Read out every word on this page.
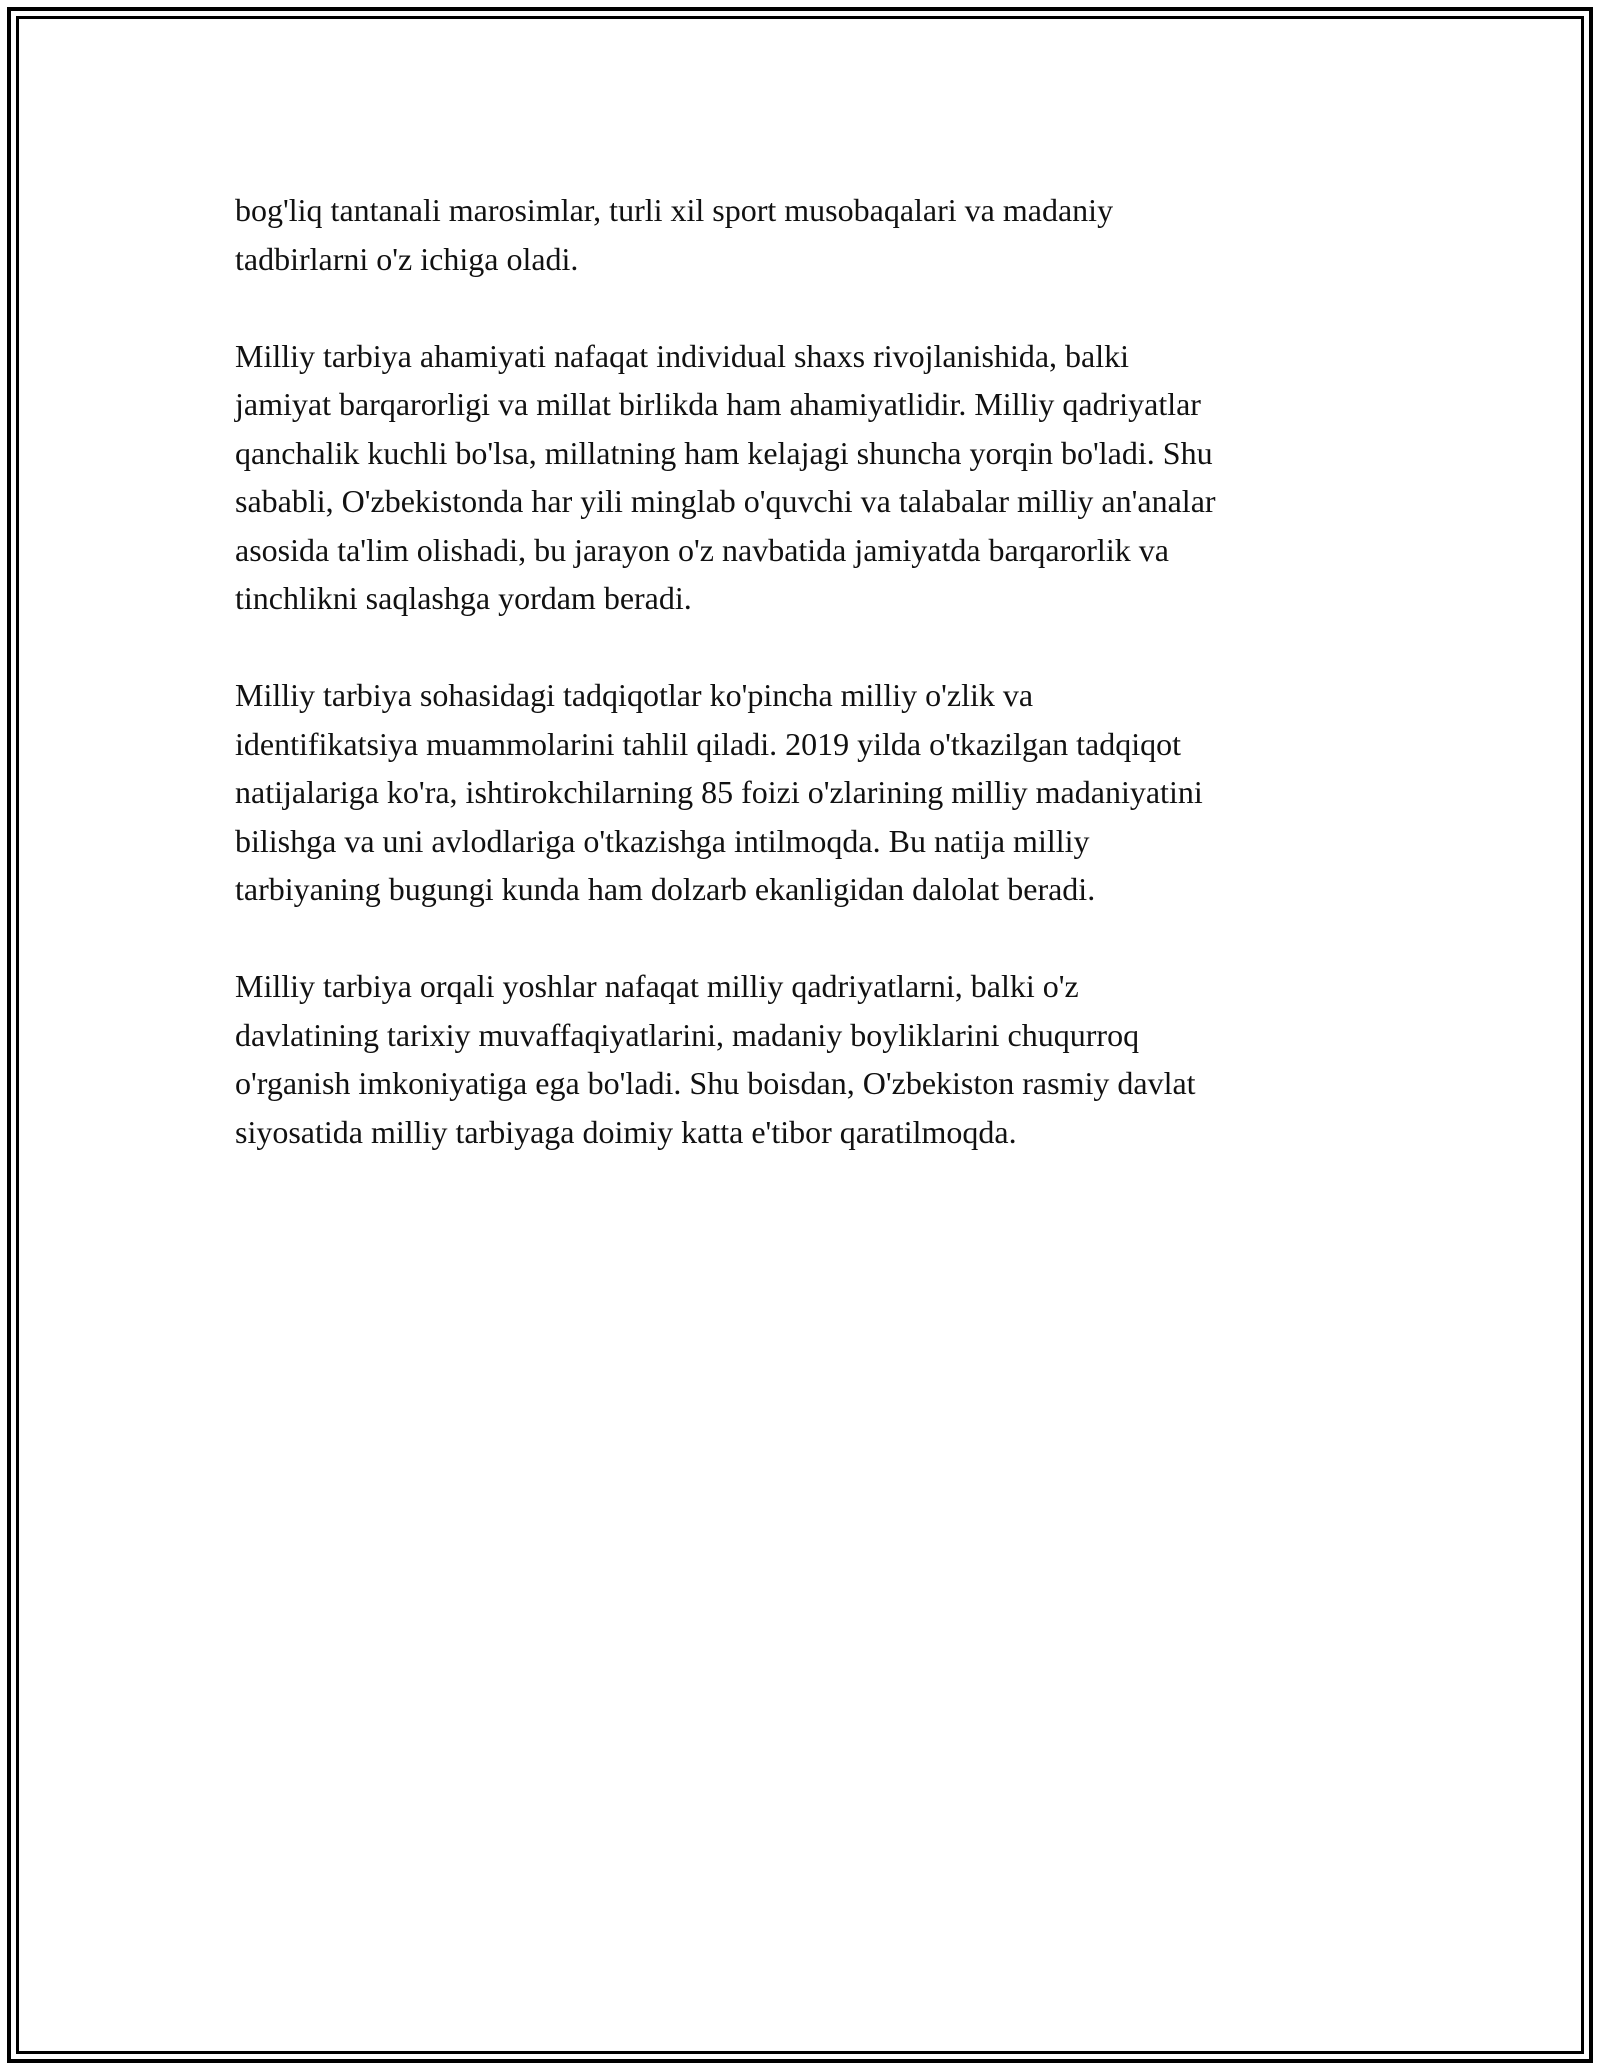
bog'liq tantanali marosimlar, turli xil sport musobaqalari va madaniy
tadbirlarni o'z ichiga oladi.

Milliy tarbiya ahamiyati nafaqat individual shaxs rivojlanishida, balki
jamiyat barqarorligi va millat birlikda ham ahamiyatlidir. Milliy qadriyatlar
qanchalik kuchli bo'lsa, millatning ham kelajagi shuncha yorqin bo'ladi. Shu
sababli, O'zbekistonda har yili minglab o'quvchi va talabalar milliy an'analar
asosida ta'lim olishadi, bu jarayon o'z navbatida jamiyatda barqarorlik va
tinchlikni saqlashga yordam beradi.

Milliy tarbiya sohasidagi tadqiqotlar ko'pincha milliy o'zlik va
identifikatsiya muammolarini tahlil qiladi. 2019 yilda o'tkazilgan tadqiqot
natijalariga ko'ra, ishtirokchilarning 85 foizi o'zlarining milliy madaniyatini
bilishga va uni avlodlariga o'tkazishga intilmoqda. Bu natija milliy
tarbiyaning bugungi kunda ham dolzarb ekanligidan dalolat beradi.

Milliy tarbiya orqali yoshlar nafaqat milliy qadriyatlarni, balki o'z
davlatining tarixiy muvaffaqiyatlarini, madaniy boyliklarini chuqurroq
o'rganish imkoniyatiga ega bo'ladi. Shu boisdan, O'zbekiston rasmiy davlat
siyosatida milliy tarbiyaga doimiy katta e'tibor qaratilmoqda.
